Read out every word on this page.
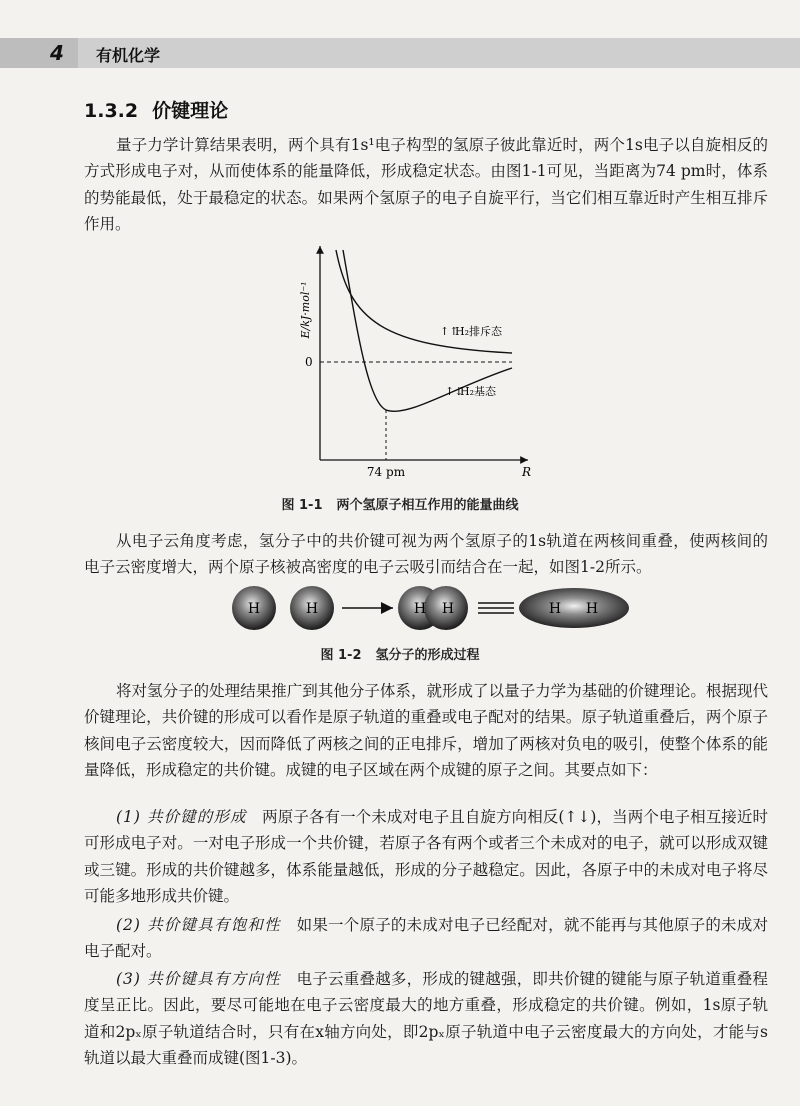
4 有机化学
1.3.2 价键理论

量子力学计算结果表明，两个具有1s¹电子构型的氢原子彼此靠近时，两个1s电子以自旋相反的方式形成电子对，从而使体系的能量降低，形成稳定状态。由图1-1可见，当距离为74 pm时，体系的势能最低，处于最稳定的状态。如果两个氢原子的电子自旋平行，当它们相互靠近时产生相互排斥作用。

E/kJ·mol⁻¹
R
0
74 pm
↑↑
H₂排斥态
↑↓
H₂基态
图 1-1 两个氢原子相互作用的能量曲线

从电子云角度考虑，氢分子中的共价键可视为两个氢原子的1s轨道在两核间重叠，使两核间的电子云密度增大，两个原子核被高密度的电子云吸引而结合在一起，如图1-2所示。

H	H	H H	H H
图 1-2 氢分子的形成过程

将对氢分子的处理结果推广到其他分子体系，就形成了以量子力学为基础的价键理论。根据现代价键理论，共价键的形成可以看作是原子轨道的重叠或电子配对的结果。原子轨道重叠后，两个原子核间电子云密度较大，因而降低了两核之间的正电排斥，增加了两核对负电的吸引，使整个体系的能量降低，形成稳定的共价键。成键的电子区域在两个成键的原子之间。其要点如下：

(1) 共价键的形成　 两原子各有一个未成对电子且自旋方向相反(↑↓)，当两个电子相互接近时可形成电子对。一对电子形成一个共价键，若原子各有两个或者三个未成对的电子，就可以形成双键或三键。形成的共价键越多，体系能量越低，形成的分子越稳定。因此，各原子中的未成对电子将尽可能多地形成共价键。

(2) 共价键具有饱和性　 如果一个原子的未成对电子已经配对，就不能再与其他原子的未成对电子配对。

(3) 共价键具有方向性　 电子云重叠越多，形成的键越强，即共价键的键能与原子轨道重叠程度呈正比。因此，要尽可能地在电子云密度最大的地方重叠，形成稳定的共价键。例如，1s原子轨道和2pₓ原子轨道结合时，只有在x轴方向处，即2pₓ原子轨道中电子云密度最大的方向处，才能与s轨道以最大重叠而成键(图1-3)。
